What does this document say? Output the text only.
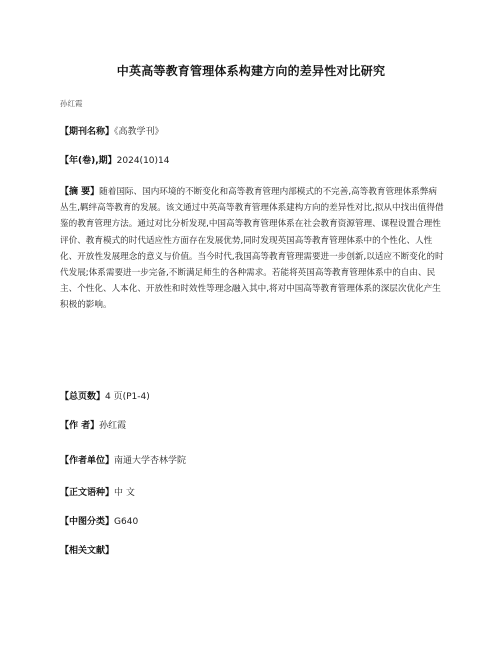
中英高等教育管理体系构建方向的差异性对比研究
孙红霞
【期刊名称】《高教学刊》
【年(卷),期】2024(10)14

【摘 要】随着国际、国内环境的不断变化和高等教育管理内部模式的不完善,高等教育管理体系弊病丛生,羁绊高等教育的发展。该文通过中英高等教育管理体系建构方向的差异性对比,拟从中找出值得借鉴的教育管理方法。通过对比分析发现,中国高等教育管理体系在社会教育资源管理、课程设置合理性评价、教育模式的时代适应性方面存在发展优势,同时发现英国高等教育管理体系中的个性化、人性化、开放性发展理念的意义与价值。当今时代,我国高等教育管理需要进一步创新,以适应不断变化的时代发展;体系需要进一步完备,不断满足师生的各种需求。若能将英国高等教育管理体系中的自由、民主、个性化、人本化、开放性和时效性等理念融入其中,将对中国高等教育管理体系的深层次优化产生积极的影响。

【总页数】4 页(P1-4)
【作 者】孙红霞
【作者单位】南通大学杏林学院
【正文语种】中 文
【中图分类】G640
【相关文献】
